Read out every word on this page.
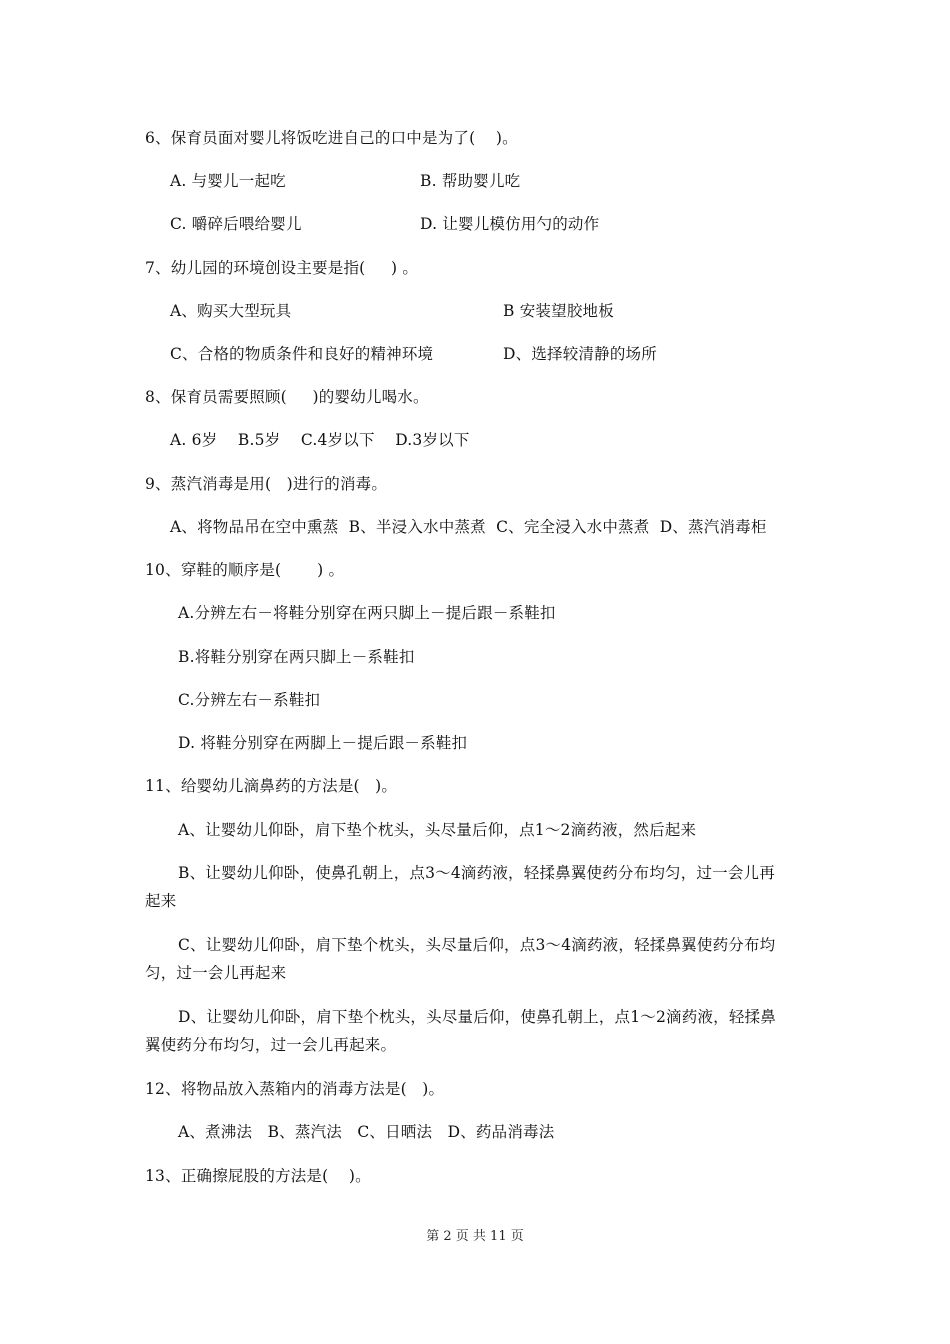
6、保育员面对婴儿将饭吃进自己的口中是为了(    )。
A. 与婴儿一起吃	B. 帮助婴儿吃
C. 嚼碎后喂给婴儿	D. 让婴儿模仿用勺的动作
7、幼儿园的环境创设主要是指(     ) 。
A、购买大型玩具	B 安装望胶地板
C、合格的物质条件和良好的精神环境	D、选择较清静的场所
8、保育员需要照顾(     )的婴幼儿喝水。
A. 6岁    B.5岁    C.4岁以下    D.3岁以下
9、蒸汽消毒是用(   )进行的消毒。
A、将物品吊在空中熏蒸  B、半浸入水中蒸煮  C、完全浸入水中蒸煮  D、蒸汽消毒柜
10、穿鞋的顺序是(       ) 。
A.分辨左右－将鞋分别穿在两只脚上－提后跟－系鞋扣
B.将鞋分别穿在两只脚上－系鞋扣
C.分辨左右－系鞋扣
D. 将鞋分别穿在两脚上－提后跟－系鞋扣
11、给婴幼儿滴鼻药的方法是(   )。
A、让婴幼儿仰卧，肩下垫个枕头，头尽量后仰，点1～2滴药液，然后起来
B、让婴幼儿仰卧，使鼻孔朝上，点3～4滴药液，轻揉鼻翼使药分布均匀，过一会儿再
起来
C、让婴幼儿仰卧，肩下垫个枕头，头尽量后仰，点3～4滴药液，轻揉鼻翼使药分布均
匀，过一会儿再起来
D、让婴幼儿仰卧，肩下垫个枕头，头尽量后仰，使鼻孔朝上，点1～2滴药液，轻揉鼻
翼使药分布均匀，过一会儿再起来。
12、将物品放入蒸箱内的消毒方法是(   )。
A、煮沸法   B、蒸汽法   C、日晒法   D、药品消毒法
13、正确擦屁股的方法是(    )。
第 2 页 共 11 页
